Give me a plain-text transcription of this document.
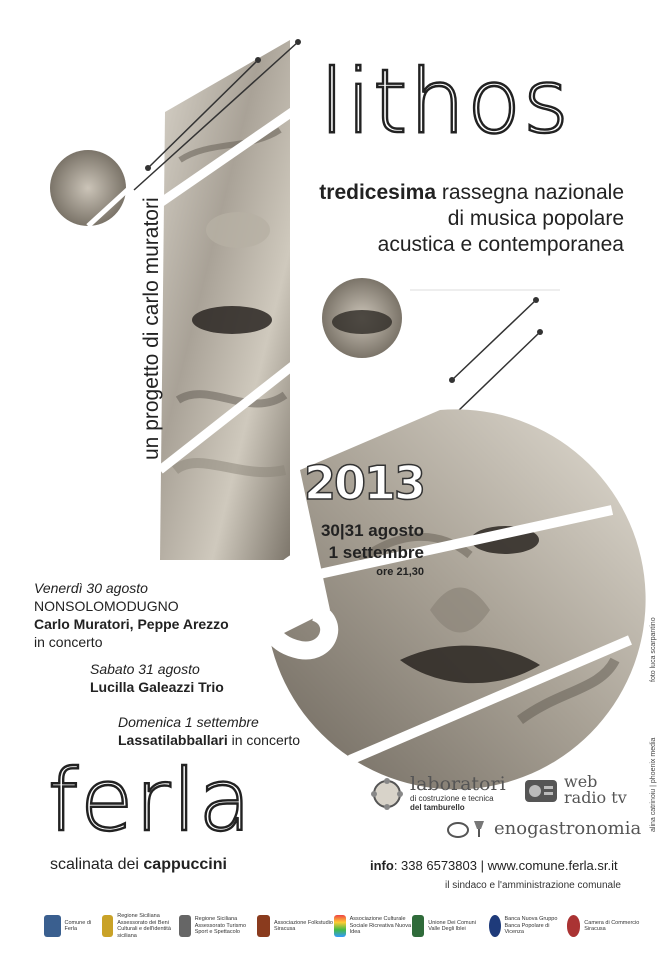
lithos
tredicesima rassegna nazionale
di musica popolare
acustica e contemporanea
un progetto di carlo muratori
2013
30|31 agosto
1 settembre
ore 21,30
Venerdì 30 agosto
NONSOLOMODUGNO
Carlo Muratori, Peppe Arezzo
in concerto
Sabato 31 agosto
Lucilla Galeazzi Trio
Domenica 1 settembre
Lassatilabballari in concerto
ferla
scalinata dei cappuccini
laboratori
di costruzione e tecnica
del tamburello
web
radio tv
enogastronomia
info: 338 6573803 | www.comune.ferla.sr.it
il sindaco e l'amministrazione comunale
foto luca scarpantino
alina catrinoiu | phoenix media
Comune di Ferla
Regione Siciliana Assessorato dei Beni Culturali e dell'identità siciliana
Regione Siciliana Assessorato Turismo Sport e Spettacolo
Associazione Folkstudio Siracusa
Associazione Culturale Sociale Ricreativa Nuova Idea
Unione Dei Comuni Valle Degli Iblei
Banca Nuova Gruppo Banca Popolare di Vicenza
Camera di Commercio Siracusa
